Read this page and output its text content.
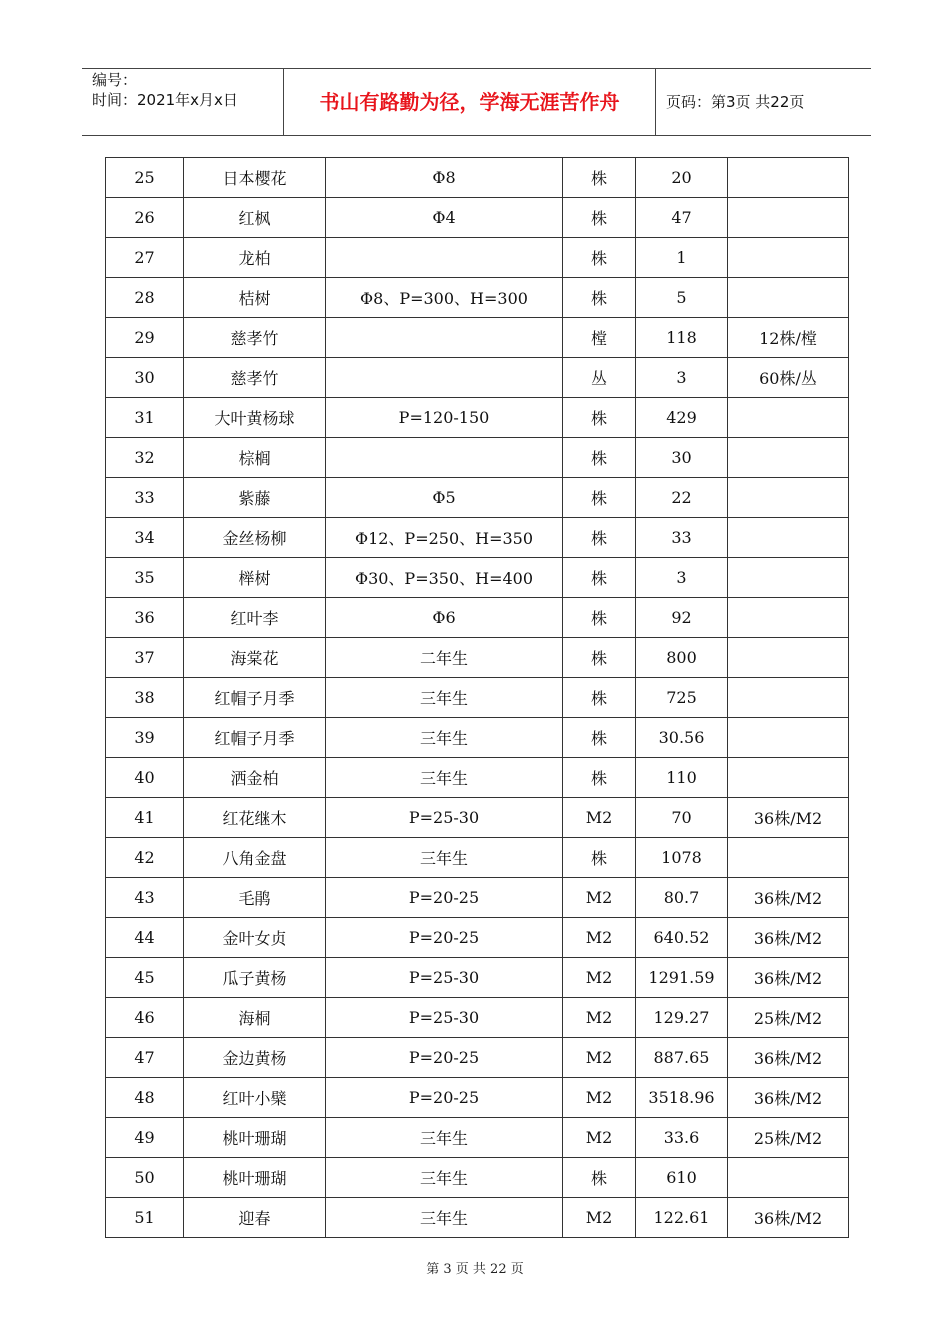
编号：
时间：2021年x月x日	书山有路勤为径，学海无涯苦作舟	页码：第3页 共22页
25	日本樱花	Φ8	株	20	
26	红枫	Φ4	株	47	
27	龙柏		株	1	
28	桔树	Φ8、P=300、H=300	株	5	
29	慈孝竹		樘	118	12株/樘
30	慈孝竹		丛	3	60株/丛
31	大叶黄杨球	P=120-150	株	429	
32	棕榈		株	30	
33	紫藤	Φ5	株	22	
34	金丝杨柳	Φ12、P=250、H=350	株	33	
35	榉树	Φ30、P=350、H=400	株	3	
36	红叶李	Φ6	株	92	
37	海棠花	二年生	株	800	
38	红帽子月季	三年生	株	725	
39	红帽子月季	三年生	株	30.56	
40	洒金柏	三年生	株	110	
41	红花继木	P=25-30	M2	70	36株/M2
42	八角金盘	三年生	株	1078	
43	毛鹃	P=20-25	M2	80.7	36株/M2
44	金叶女贞	P=20-25	M2	640.52	36株/M2
45	瓜子黄杨	P=25-30	M2	1291.59	36株/M2
46	海桐	P=25-30	M2	129.27	25株/M2
47	金边黄杨	P=20-25	M2	887.65	36株/M2
48	红叶小檗	P=20-25	M2	3518.96	36株/M2
49	桃叶珊瑚	三年生	M2	33.6	25株/M2
50	桃叶珊瑚	三年生	株	610	
51	迎春	三年生	M2	122.61	36株/M2
第 3 页 共 22 页
